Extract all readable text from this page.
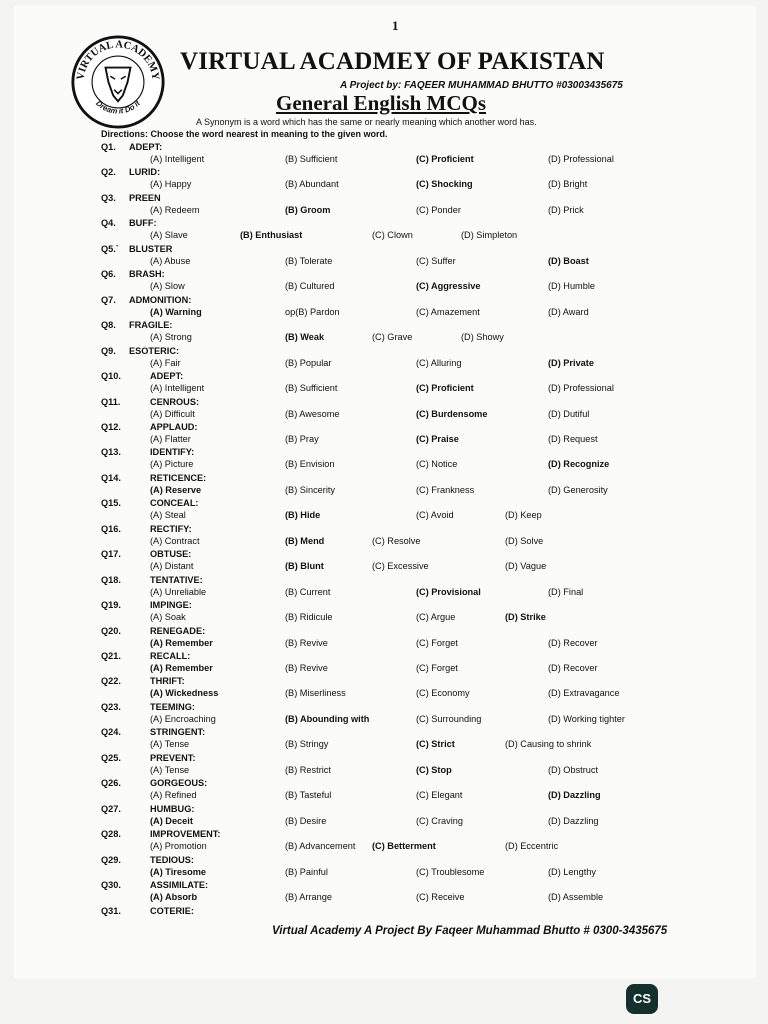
1
VIRTUAL ACADEMY
Dream it Do it
VIRTUAL ACADMEY OF PAKISTAN
A Project by: FAQEER MUHAMMAD BHUTTO #03003435675
General English MCQs
A Synonym is a word which has the same or nearly meaning which another word has.
Directions: Choose the word nearest in meaning to the given word.
Q1. ADEPT:
(A) Intelligent	(B) Sufficient	(C) Proficient	(D) Professional
Q2. LURID:
(A) Happy	(B) Abundant	(C) Shocking	(D) Bright
Q3. PREEN
(A) Redeem	(B) Groom	(C) Ponder	(D) Prick
Q4. BUFF:
(A) Slave	(B) Enthusiast	(C) Clown	(D) Simpleton
Q5.` BLUSTER
(A) Abuse	(B) Tolerate	(C) Suffer	(D) Boast
Q6. BRASH:
(A) Slow	(B) Cultured	(C) Aggressive	(D) Humble
Q7. ADMONITION:
(A) Warning	op(B) Pardon	(C) Amazement	(D) Award
Q8. FRAGILE:
(A) Strong	(B) Weak	(C) Grave	(D) Showy
Q9. ESOTERIC:
(A) Fair	(B) Popular	(C) Alluring	(D) Private
Q10.	ADEPT:
(A) Intelligent	(B) Sufficient	(C) Proficient	(D) Professional
Q11.	CENROUS:
(A) Difficult	(B) Awesome	(C) Burdensome	(D) Dutiful
Q12.	APPLAUD:
(A) Flatter	(B) Pray	(C) Praise	(D) Request
Q13.	IDENTIFY:
(A) Picture	(B) Envision	(C) Notice	(D) Recognize
Q14.	RETICENCE:
(A) Reserve	(B) Sincerity	(C) Frankness	(D) Generosity
Q15.	CONCEAL:
(A) Steal	(B) Hide	(C) Avoid	(D) Keep
Q16.	RECTIFY:
(A) Contract	(B) Mend	(C) Resolve	(D) Solve
Q17.	OBTUSE:
(A) Distant	(B) Blunt	(C) Excessive	(D) Vague
Q18.	TENTATIVE:
(A) Unreliable	(B) Current	(C) Provisional	(D) Final
Q19.	IMPINGE:
(A) Soak	(B) Ridicule	(C) Argue	(D) Strike
Q20.	RENEGADE:
(A) Remember	(B) Revive	(C) Forget	(D) Recover
Q21.	RECALL:
(A) Remember	(B) Revive	(C) Forget	(D) Recover
Q22.	THRIFT:
(A) Wickedness	(B) Miserliness	(C) Economy	(D) Extravagance
Q23.	TEEMING:
(A) Encroaching	(B) Abounding with	(C) Surrounding	(D) Working tighter
Q24.	STRINGENT:
(A) Tense	(B) Stringy	(C) Strict	(D) Causing to shrink
Q25.	PREVENT:
(A) Tense	(B) Restrict	(C) Stop	(D) Obstruct
Q26.	GORGEOUS:
(A) Refined	(B) Tasteful	(C) Elegant	(D) Dazzling
Q27.	HUMBUG:
(A) Deceit	(B) Desire	(C) Craving	(D) Dazzling
Q28.	IMPROVEMENT:
(A) Promotion	(B) Advancement (C) Betterment	(D) Eccentric
Q29.	TEDIOUS:
(A) Tiresome	(B) Painful	(C) Troublesome	(D) Lengthy
Q30.	ASSIMILATE:
(A) Absorb	(B) Arrange	(C) Receive	(D) Assemble
Q31.	COTERIE:
Virtual Academy A Project By Faqeer Muhammad Bhutto # 0300-3435675
CS
